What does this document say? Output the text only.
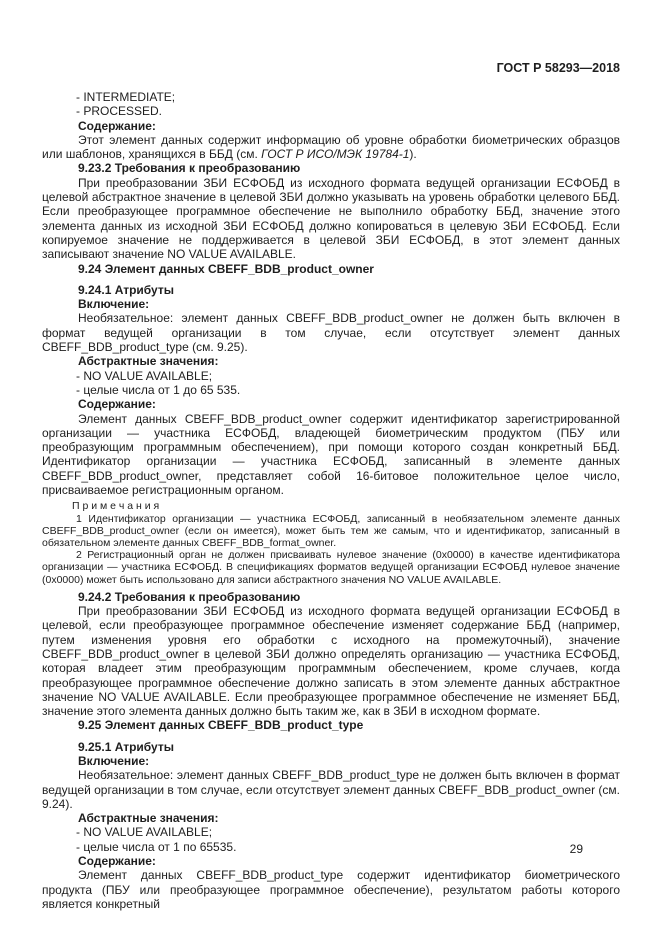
ГОСТ Р 58293—2018

- INTERMEDIATE;

- PROCESSED.

Содержание:

Этот элемент данных содержит информацию об уровне обработки биометрических образцов или шаблонов, хранящихся в ББД (см. ГОСТ Р ИСО/МЭК 19784-1).

9.23.2 Требования к преобразованию

При преобразовании ЗБИ ЕСФОБД из исходного формата ведущей организации ЕСФОБД в целевой абстрактное значение в целевой ЗБИ должно указывать на уровень обработки целевого ББД. Если преобразующее программное обеспечение не выполнило обработку ББД, значение этого элемента данных из исходной ЗБИ ЕСФОБД должно копироваться в целевую ЗБИ ЕСФОБД. Если копируемое значение не поддерживается в целевой ЗБИ ЕСФОБД, в этот элемент данных записывают значение NO VALUE AVAILABLE.

9.24 Элемент данных CBEFF_BDB_product_owner

9.24.1 Атрибуты

Включение:

Необязательное: элемент данных CBEFF_BDB_product_owner не должен быть включен в формат ведущей организации в том случае, если отсутствует элемент данных CBEFF_BDB_product_type (см. 9.25).

Абстрактные значения:

- NO VALUE AVAILABLE;

- целые числа от 1 до 65 535.

Содержание:

Элемент данных CBEFF_BDB_product_owner содержит идентификатор зарегистрированной организации — участника ЕСФОБД, владеющей биометрическим продуктом (ПБУ или преобразующим программным обеспечением), при помощи которого создан конкретный ББД. Идентификатор организации — участника ЕСФОБД, записанный в элементе данных CBEFF_BDB_product_owner, представляет собой 16-битовое положительное целое число, присваиваемое регистрационным органом.

П р и м е ч а н и я

1 Идентификатор организации — участника ЕСФОБД, записанный в необязательном элементе данных CBEFF_BDB_product_owner (если он имеется), может быть тем же самым, что и идентификатор, записанный в обязательном элементе данных CBEFF_BDB_format_owner.

2 Регистрационный орган не должен присваивать нулевое значение (0x0000) в качестве идентификатора организации — участника ЕСФОБД. В спецификациях форматов ведущей организации ЕСФОБД нулевое значение (0x0000) может быть использовано для записи абстрактного значения NO VALUE AVAILABLE.

9.24.2 Требования к преобразованию

При преобразовании ЗБИ ЕСФОБД из исходного формата ведущей организации ЕСФОБД в целевой, если преобразующее программное обеспечение изменяет содержание ББД (например, путем изменения уровня его обработки с исходного на промежуточный), значение CBEFF_BDB_product_owner в целевой ЗБИ должно определять организацию — участника ЕСФОБД, которая владеет этим преобразующим программным обеспечением, кроме случаев, когда преобразующее программное обеспечение должно записать в этом элементе данных абстрактное значение NO VALUE AVAILABLE. Если преобразующее программное обеспечение не изменяет ББД, значение этого элемента данных должно быть таким же, как в ЗБИ в исходном формате.

9.25 Элемент данных CBEFF_BDB_product_type

9.25.1 Атрибуты

Включение:

Необязательное: элемент данных CBEFF_BDB_product_type не должен быть включен в формат ведущей организации в том случае, если отсутствует элемент данных CBEFF_BDB_product_owner (см. 9.24).

Абстрактные значения:

- NO VALUE AVAILABLE;

- целые числа от 1 по 65535.

Содержание:

Элемент данных CBEFF_BDB_product_type содержит идентификатор биометрического продукта (ПБУ или преобразующее программное обеспечение), результатом работы которого является конкретный

29
